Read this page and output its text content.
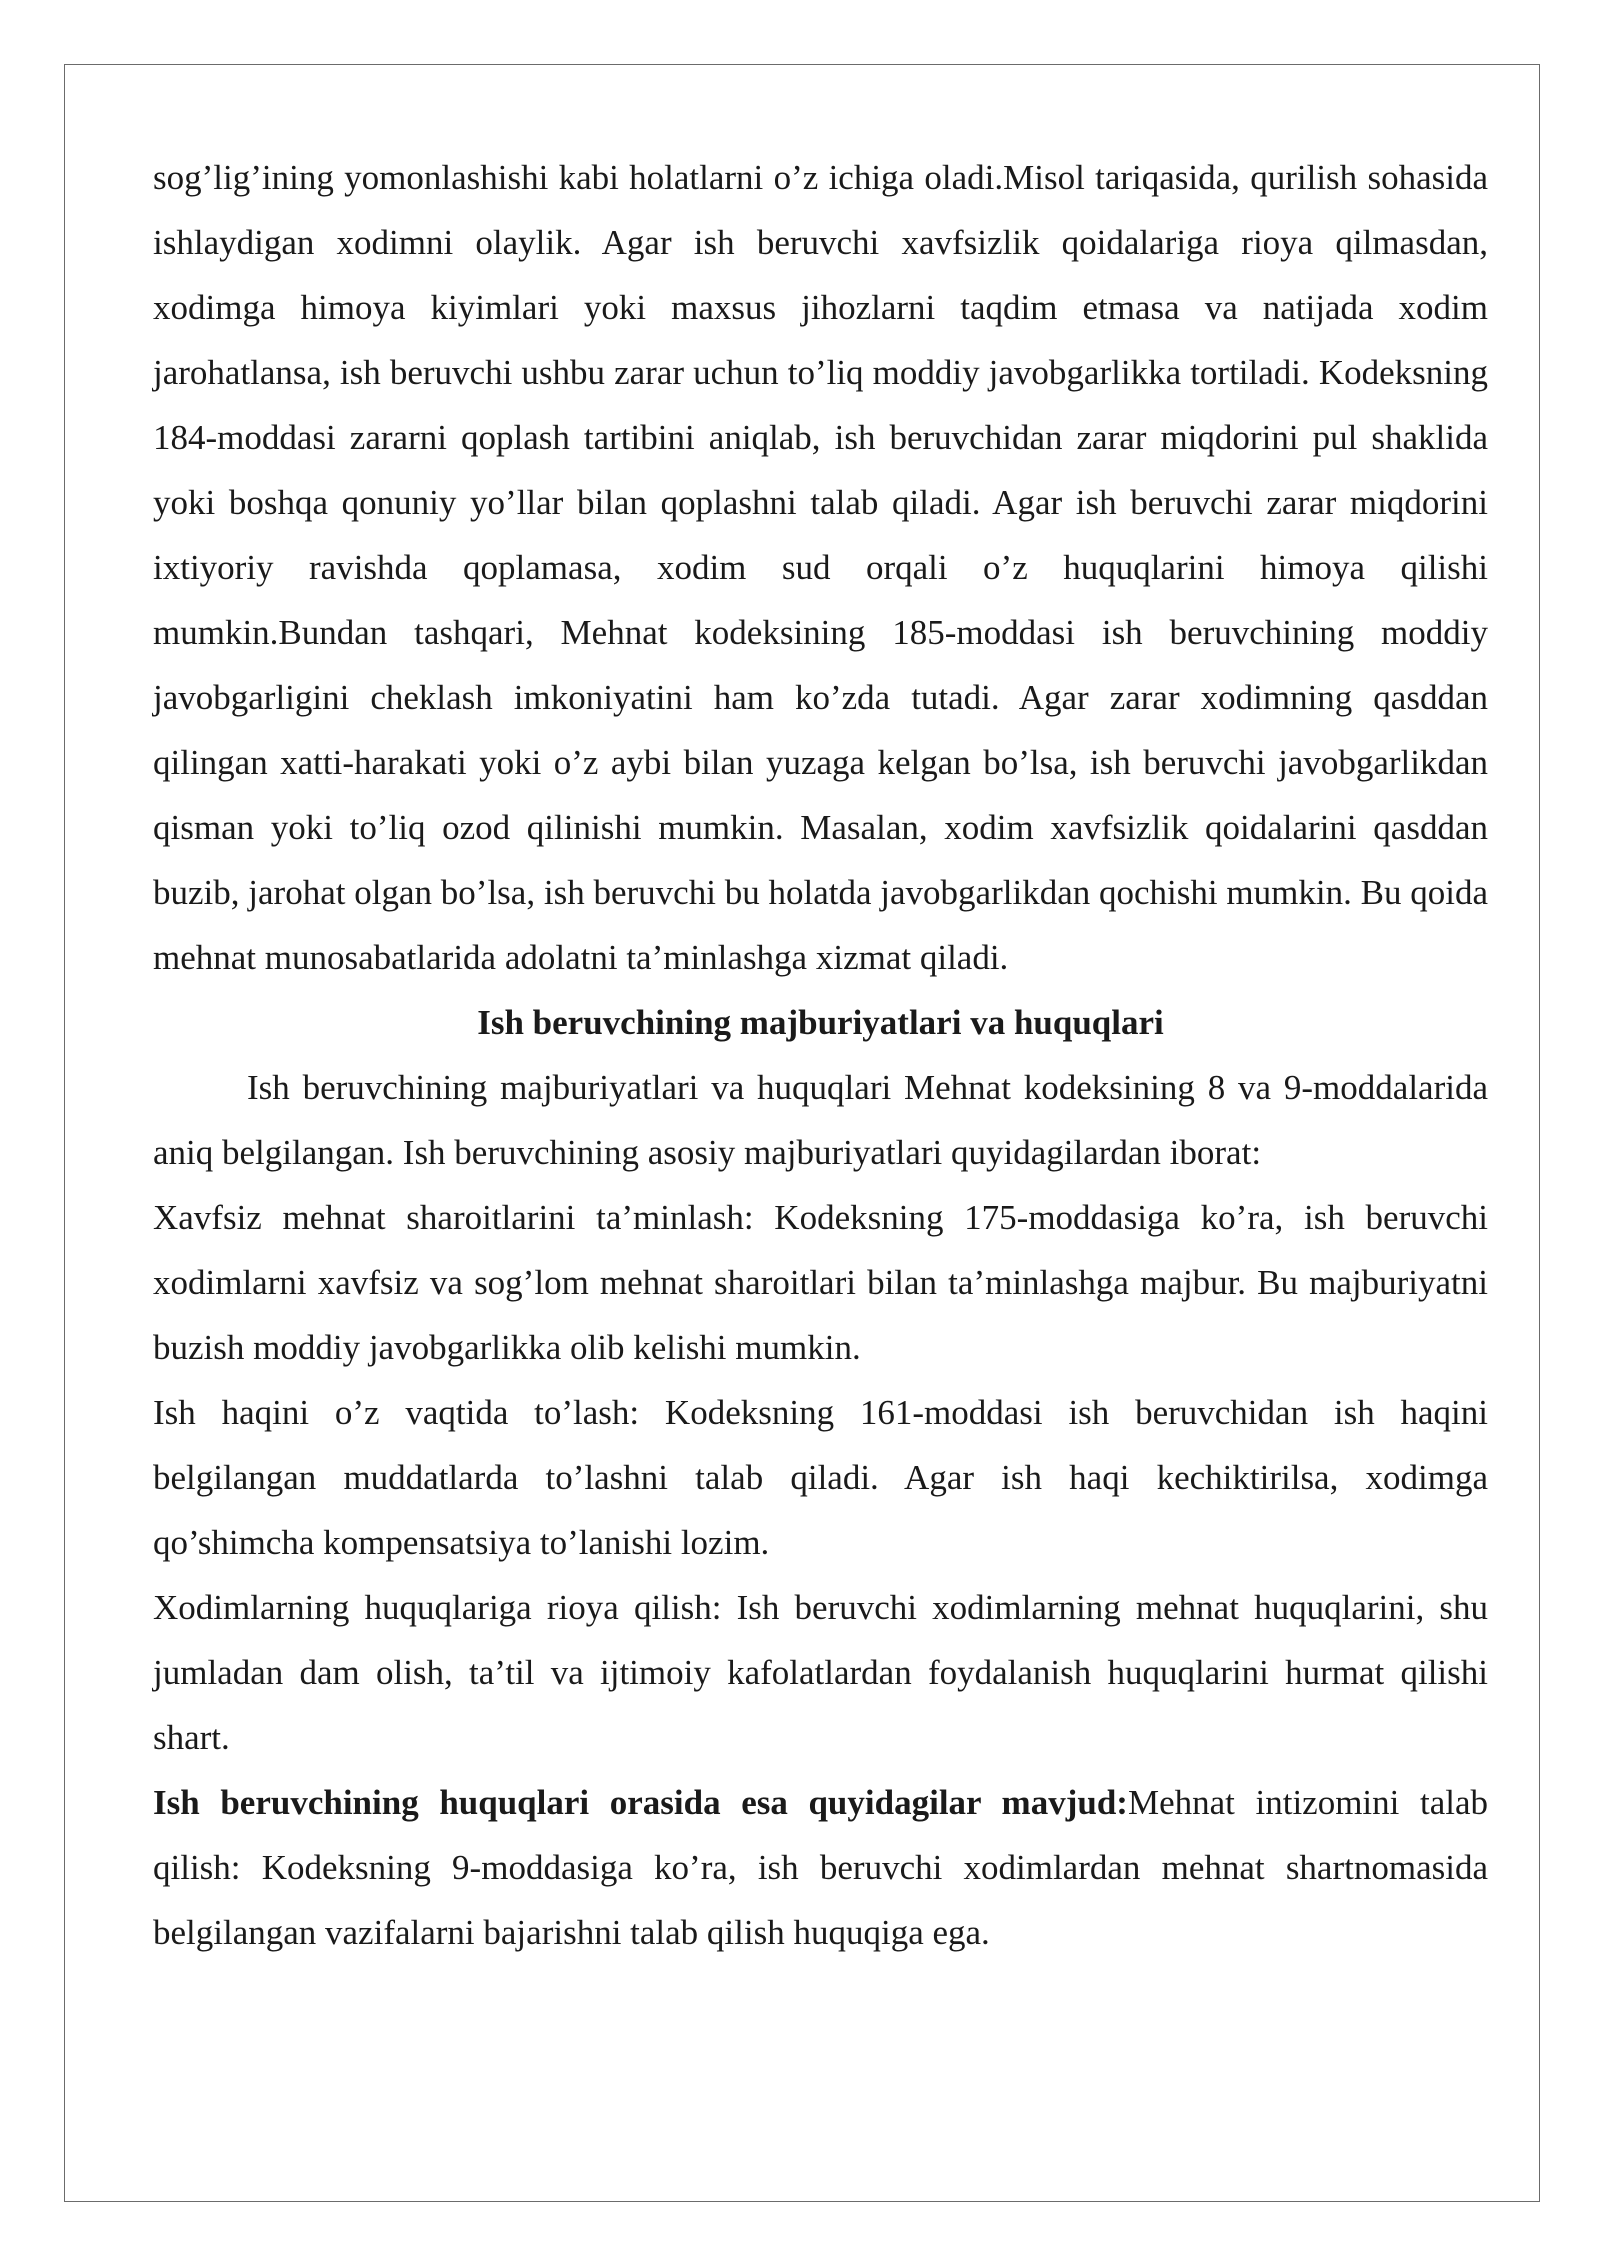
sog’lig’ining yomonlashishi kabi holatlarni o’z ichiga oladi.Misol tariqasida, qurilish sohasida ishlaydigan xodimni olaylik. Agar ish beruvchi xavfsizlik qoidalariga rioya qilmasdan, xodimga himoya kiyimlari yoki maxsus jihozlarni taqdim etmasa va natijada xodim jarohatlansa, ish beruvchi ushbu zarar uchun to’liq moddiy javobgarlikka tortiladi. Kodeksning 184-moddasi zararni qoplash tartibini aniqlab, ish beruvchidan zarar miqdorini pul shaklida yoki boshqa qonuniy yo’llar bilan qoplashni talab qiladi. Agar ish beruvchi zarar miqdorini ixtiyoriy ravishda qoplamasa, xodim sud orqali o’z huquqlarini himoya qilishi mumkin.Bundan tashqari, Mehnat kodeksining 185-moddasi ish beruvchining moddiy javobgarligini cheklash imkoniyatini ham ko’zda tutadi. Agar zarar xodimning qasddan qilingan xatti-harakati yoki o’z aybi bilan yuzaga kelgan bo’lsa, ish beruvchi javobgarlikdan qisman yoki to’liq ozod qilinishi mumkin. Masalan, xodim xavfsizlik qoidalarini qasddan buzib, jarohat olgan bo’lsa, ish beruvchi bu holatda javobgarlikdan qochishi mumkin. Bu qoida mehnat munosabatlarida adolatni ta’minlashga xizmat qiladi.

Ish beruvchining majburiyatlari va huquqlari

Ish beruvchining majburiyatlari va huquqlari Mehnat kodeksining 8 va 9-moddalarida aniq belgilangan. Ish beruvchining asosiy majburiyatlari quyidagilardan iborat:

Xavfsiz mehnat sharoitlarini ta’minlash: Kodeksning 175-moddasiga ko’ra, ish beruvchi xodimlarni xavfsiz va sog’lom mehnat sharoitlari bilan ta’minlashga majbur. Bu majburiyatni buzish moddiy javobgarlikka olib kelishi mumkin.

Ish haqini o’z vaqtida to’lash: Kodeksning 161-moddasi ish beruvchidan ish haqini belgilangan muddatlarda to’lashni talab qiladi. Agar ish haqi kechiktirilsa, xodimga qo’shimcha kompensatsiya to’lanishi lozim.

Xodimlarning huquqlariga rioya qilish: Ish beruvchi xodimlarning mehnat huquqlarini, shu jumladan dam olish, ta’til va ijtimoiy kafolatlardan foydalanish huquqlarini hurmat qilishi shart.

Ish beruvchining huquqlari orasida esa quyidagilar mavjud:Mehnat intizomini talab qilish: Kodeksning 9-moddasiga ko’ra, ish beruvchi xodimlardan mehnat shartnomasida belgilangan vazifalarni bajarishni talab qilish huquqiga ega.
